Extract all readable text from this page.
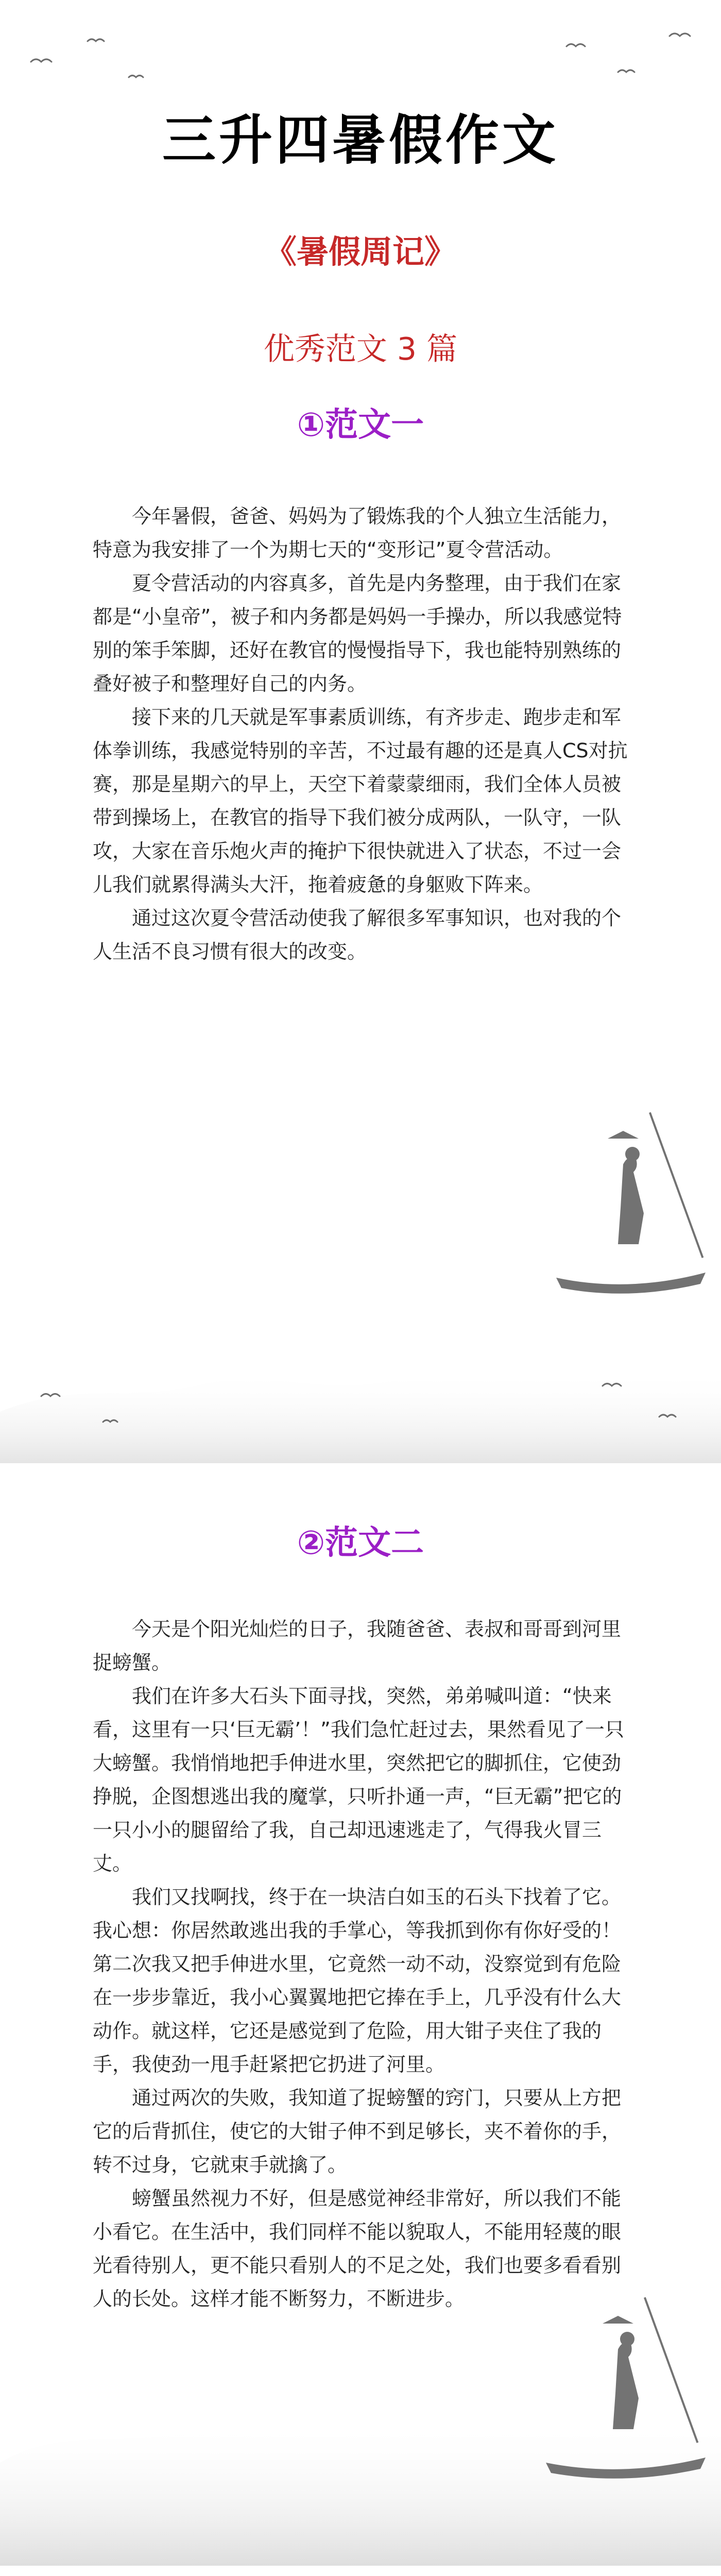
三升四暑假作文
《暑假周记》
优秀范文 3 篇
①范文一

今年暑假，爸爸、妈妈为了锻炼我的个人独立生活能力，特意为我安排了一个为期七天的“变形记”夏令营活动。

夏令营活动的内容真多，首先是内务整理，由于我们在家都是“小皇帝”，被子和内务都是妈妈一手操办，所以我感觉特别的笨手笨脚，还好在教官的慢慢指导下，我也能特别熟练的叠好被子和整理好自己的内务。

接下来的几天就是军事素质训练，有齐步走、跑步走和军体拳训练，我感觉特别的辛苦，不过最有趣的还是真人CS对抗赛，那是星期六的早上，天空下着蒙蒙细雨，我们全体人员被带到操场上，在教官的指导下我们被分成两队，一队守，一队攻，大家在音乐炮火声的掩护下很快就进入了状态，不过一会儿我们就累得满头大汗，拖着疲惫的身躯败下阵来。

通过这次夏令营活动使我了解很多军事知识，也对我的个人生活不良习惯有很大的改变。

②范文二

今天是个阳光灿烂的日子，我随爸爸、表叔和哥哥到河里捉螃蟹。

我们在许多大石头下面寻找，突然，弟弟喊叫道：“快来看，这里有一只‘巨无霸’！”我们急忙赶过去，果然看见了一只大螃蟹。我悄悄地把手伸进水里，突然把它的脚抓住，它使劲挣脱，企图想逃出我的魔掌，只听扑通一声，“巨无霸”把它的一只小小的腿留给了我，自己却迅速逃走了，气得我火冒三丈。

我们又找啊找，终于在一块洁白如玉的石头下找着了它。我心想：你居然敢逃出我的手掌心，等我抓到你有你好受的！第二次我又把手伸进水里，它竟然一动不动，没察觉到有危险在一步步靠近，我小心翼翼地把它捧在手上，几乎没有什么大动作。就这样，它还是感觉到了危险，用大钳子夹住了我的手，我使劲一甩手赶紧把它扔进了河里。

通过两次的失败，我知道了捉螃蟹的窍门，只要从上方把它的后背抓住，使它的大钳子伸不到足够长，夹不着你的手，转不过身，它就束手就擒了。

螃蟹虽然视力不好，但是感觉神经非常好，所以我们不能小看它。在生活中，我们同样不能以貌取人，不能用轻蔑的眼光看待别人，更不能只看别人的不足之处，我们也要多看看别人的长处。这样才能不断努力，不断进步。
